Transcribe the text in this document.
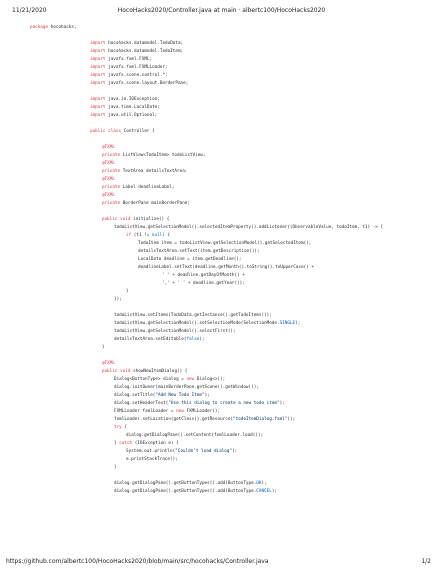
11/21/2020	HocoHacks2020/Controller.java at main · albertc100/HocoHacks2020
package hocohacks;
import hocohacks.datamodel.TodoData;
import hocohacks.datamodel.TodoItem;
import javafx.fxml.FXML;
import javafx.fxml.FXMLLoader;
import javafx.scene.control.*;
import javafx.scene.layout.BorderPane;
import java.io.IOException;
import java.time.LocalDate;
import java.util.Optional;
public class Controller {
@FXML
private ListView<TodoItem> todoListView;
@FXML
private TextArea detailsTextArea;
@FXML
private Label deadlineLabel;
@FXML
private BorderPane mainBorderPane;
public void initialize() {
todoListView.getSelectionModel().selectedItemProperty().addListener((ObservableValue, todoItem, t1) -> {
if (t1 != null) {
TodoItem item = todoListView.getSelectionModel().getSelectedItem();
detailsTextArea.setText(item.getDescription());
LocalDate deadline = item.getDeadline();
deadlineLabel.setText(deadline.getMonth().toString().toUpperCase() +
' ' + deadline.getDayOfMonth() +
',' + ' ' + deadline.getYear());
}
});
todoListView.setItems(TodoData.getInstance().getTodoItems());
todoListView.getSelectionModel().setSelectionMode(SelectionMode.SINGLE);
todoListView.getSelectionModel().selectFirst();
detailsTextArea.setEditable(false);
}
@FXML
public void showNewItemDialog() {
Dialog<ButtonType> dialog = new Dialog<>();
dialog.initOwner(mainBorderPane.getScene().getWindow());
dialog.setTitle("Add New Todo Item");
dialog.setHeaderText("Use this dialog to create a new todo item");
FXMLLoader fxmlLoader = new FXMLLoader();
fxmlLoader.setLocation(getClass().getResource("todoItemDialog.fxml"));
try {
dialog.getDialogPane().setContent(fxmlLoader.load());
} catch (IOException e) {
System.out.println("Couldn't load dialog");
e.printStackTrace();
}
dialog.getDialogPane().getButtonTypes().add(ButtonType.OK);
dialog.getDialogPane().getButtonTypes().add(ButtonType.CANCEL);
https://github.com/albertc100/HocoHacks2020/blob/main/src/hocohacks/Controller.java	1/2
